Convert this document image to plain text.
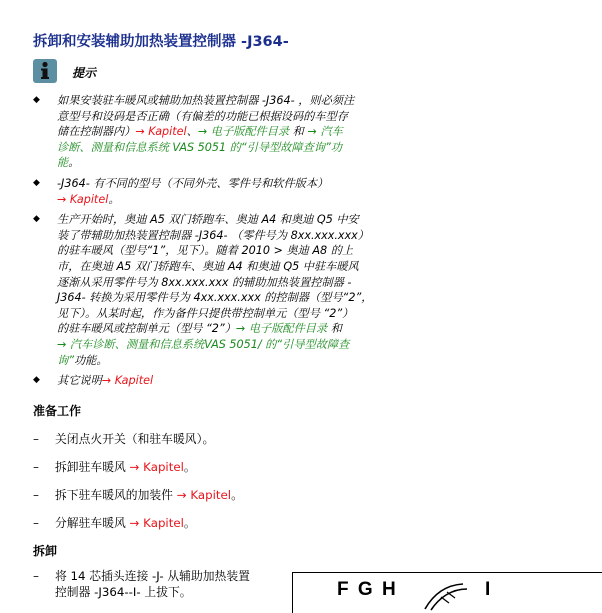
拆卸和安装辅助加热装置控制器 -J364-
提示
◆ 如果安装驻车暖风或辅助加热装置控制器 -J364- ，则必须注
意型号和设码是否正确（有偏差的功能已根据设码的车型存
储在控制器内）→ Kapitel、→ 电子版配件目录 和 → 汽车
诊断、测量和信息系统 VAS 5051 的“引导型故障查询”功
能。
◆ -J364- 有不同的型号（不同外壳、零件号和软件版本）
→ Kapitel。
◆ 生产开始时，奥迪 A5 双门轿跑车、奥迪 A4 和奥迪 Q5 中安
装了带辅助加热装置控制器 -J364- （零件号为 8xx.xxx.xxx）
的驻车暖风（型号“1”，见下）。随着 2010 > 奥迪 A8 的上
市，在奥迪 A5 双门轿跑车、奥迪 A4 和奥迪 Q5 中驻车暖风
逐渐从采用零件号为 8xx.xxx.xxx 的辅助加热装置控制器 -
J364- 转换为采用零件号为 4xx.xxx.xxx 的控制器（型号“2”，
见下）。从某时起，作为备件只提供带控制单元（型号 “2”）
的驻车暖风或控制单元（型号 “2”）→ 电子版配件目录 和
→ 汽车诊断、测量和信息系统VAS 5051/ 的“引导型故障查
询”功能。
◆ 其它说明→ Kapitel
准备工作
– 关闭点火开关（和驻车暖风）。
– 拆卸驻车暖风 → Kapitel。
– 拆下驻车暖风的加装件 → Kapitel。
– 分解驻车暖风 → Kapitel。
拆卸
–	将 14 芯插头连接 -J- 从辅助加热装置
控制器 -J364--I- 上拔下。	F G H	I
